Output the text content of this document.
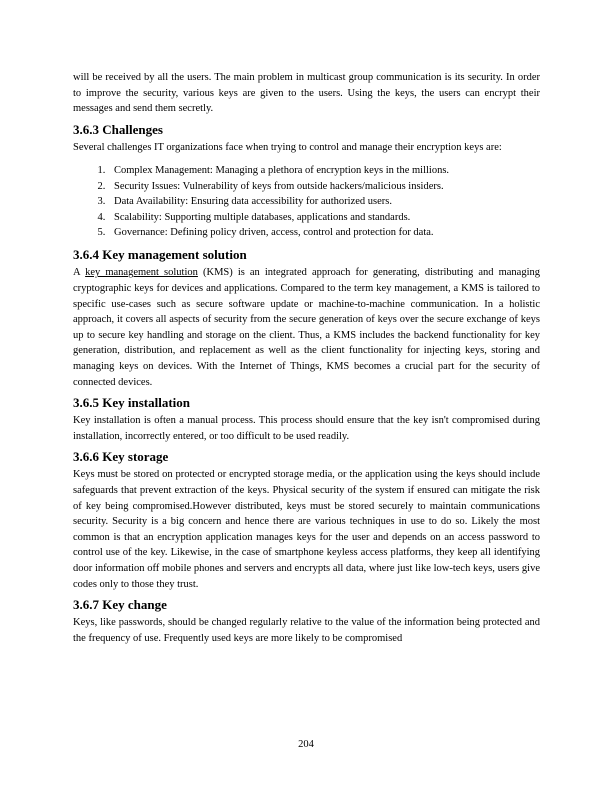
will be received by all the users. The main problem in multicast group communication is its security. In order to improve the security, various keys are given to the users. Using the keys, the users can encrypt their messages and send them secretly.

3.6.3 Challenges

Several challenges IT organizations face when trying to control and manage their encryption keys are:

1. Complex Management: Managing a plethora of encryption keys in the millions.
2. Security Issues: Vulnerability of keys from outside hackers/malicious insiders.
3. Data Availability: Ensuring data accessibility for authorized users.
4. Scalability: Supporting multiple databases, applications and standards.
5. Governance: Defining policy driven, access, control and protection for data.
3.6.4 Key management solution

A key management solution (KMS) is an integrated approach for generating, distributing and managing cryptographic keys for devices and applications. Compared to the term key management, a KMS is tailored to specific use-cases such as secure software update or machine-to-machine communication. In a holistic approach, it covers all aspects of security from the secure generation of keys over the secure exchange of keys up to secure key handling and storage on the client. Thus, a KMS includes the backend functionality for key generation, distribution, and replacement as well as the client functionality for injecting keys, storing and managing keys on devices. With the Internet of Things, KMS becomes a crucial part for the security of connected devices.

3.6.5 Key installation

Key installation is often a manual process. This process should ensure that the key isn't compromised during installation, incorrectly entered, or too difficult to be used readily.

3.6.6 Key storage

Keys must be stored on protected or encrypted storage media, or the application using the keys should include safeguards that prevent extraction of the keys. Physical security of the system if ensured can mitigate the risk of key being compromised.However distributed, keys must be stored securely to maintain communications security. Security is a big concern and hence there are various techniques in use to do so. Likely the most common is that an encryption application manages keys for the user and depends on an access password to control use of the key. Likewise, in the case of smartphone keyless access platforms, they keep all identifying door information off mobile phones and servers and encrypts all data, where just like low-tech keys, users give codes only to those they trust.

3.6.7 Key change

Keys, like passwords, should be changed regularly relative to the value of the information being protected and the frequency of use. Frequently used keys are more likely to be compromised

204
